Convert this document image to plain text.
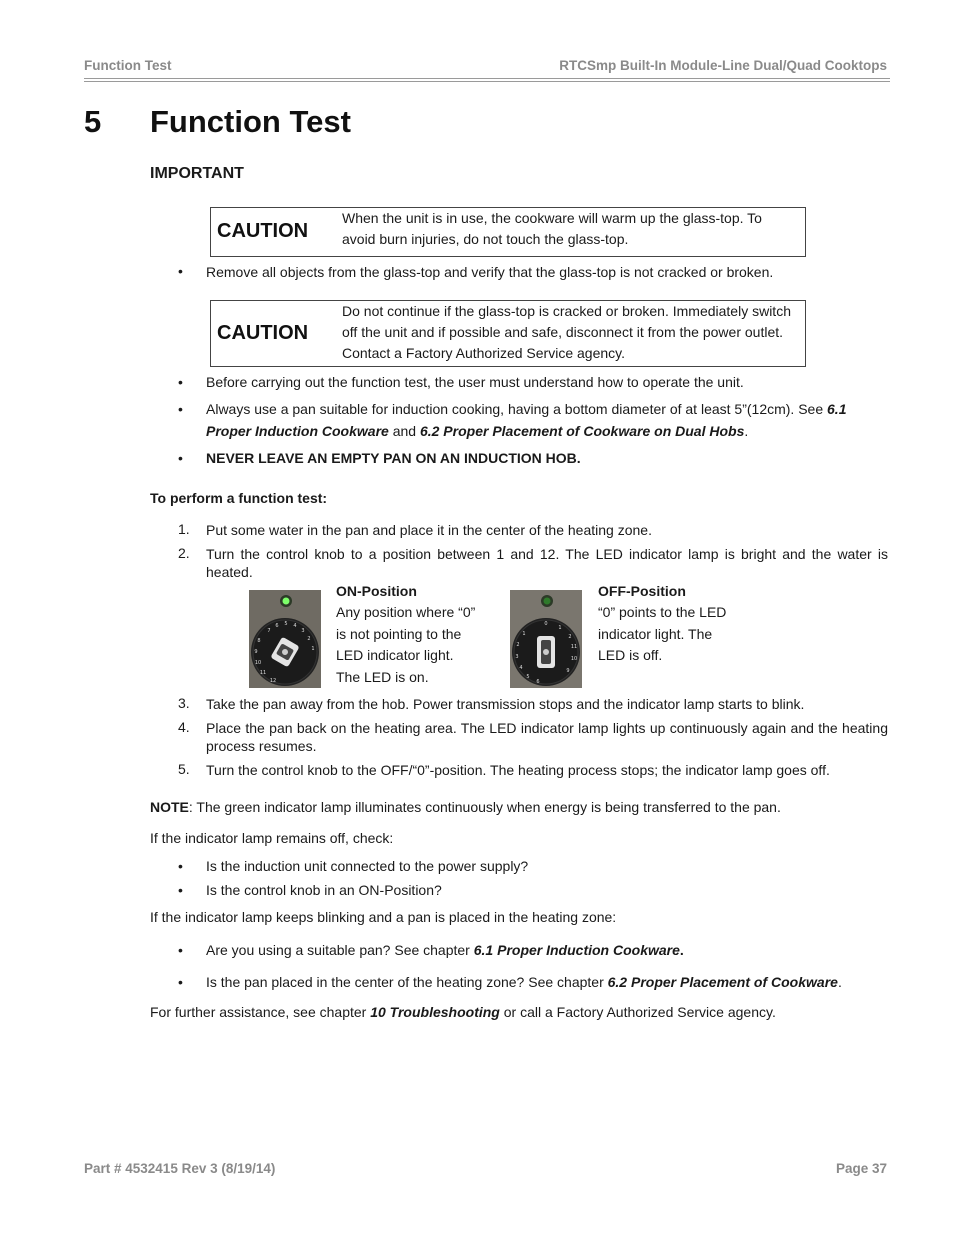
Function Test	RTCSmp Built-In Module-Line Dual/Quad Cooktops
5 Function Test
IMPORTANT
CAUTION
When the unit is in use, the cookware will warm up the glass-top. To avoid burn injuries, do not touch the glass-top.
• Remove all objects from the glass-top and verify that the glass-top is not cracked or broken.
CAUTION
Do not continue if the glass-top is cracked or broken. Immediately switch off the unit and if possible and safe, disconnect it from the power outlet. Contact a Factory Authorized Service agency.
• Before carrying out the function test, the user must understand how to operate the unit.
• Always use a pan suitable for induction cooking, having a bottom diameter of at least 5”(12cm). See 6.1 Proper Induction Cookware and 6.2 Proper Placement of Cookware on Dual Hobs.
• NEVER LEAVE AN EMPTY PAN ON AN INDUCTION HOB.
To perform a function test:
1. Put some water in the pan and place it in the center of the heating zone.
2. Turn the control knob to a position between 1 and 12. The LED indicator lamp is bright and the water is heated.
7
6 5 4
3
2
1
8
9
10
11
12
ON-Position
Any position where “0” is not pointing to the LED indicator light. The LED is on.
0
1
2
11
10
9
1
2
3
4
5
6
OFF-Position
“0” points to the LED indicator light. The LED is off.
3. Take the pan away from the hob. Power transmission stops and the indicator lamp starts to blink.
4. Place the pan back on the heating area. The LED indicator lamp lights up continuously again and the heating process resumes.
5. Turn the control knob to the OFF/“0”-position. The heating process stops; the indicator lamp goes off.
NOTE: The green indicator lamp illuminates continuously when energy is being transferred to the pan.
If the indicator lamp remains off, check:
• Is the induction unit connected to the power supply?
• Is the control knob in an ON-Position?
If the indicator lamp keeps blinking and a pan is placed in the heating zone:
• Are you using a suitable pan? See chapter 6.1 Proper Induction Cookware.
• Is the pan placed in the center of the heating zone? See chapter 6.2 Proper Placement of Cookware.
For further assistance, see chapter 10 Troubleshooting or call a Factory Authorized Service agency.
Part # 4532415 Rev 3 (8/19/14)	Page 37
